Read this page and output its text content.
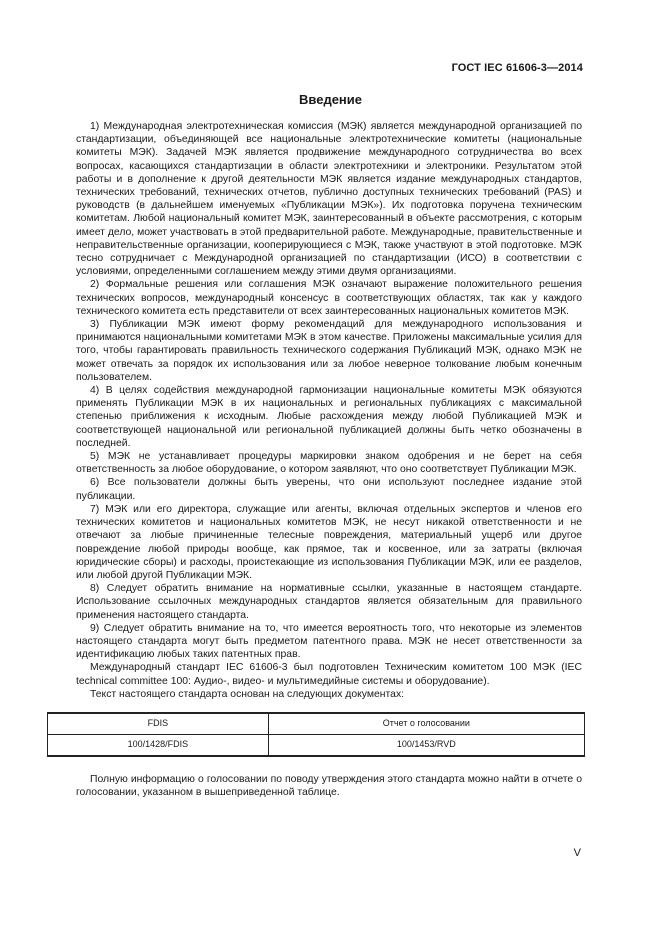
ГОСТ IEC 61606-3—2014
Введение

1) Международная электротехническая комиссия (МЭК) является международной организацией по стандартизации, объединяющей все национальные электротехнические комитеты (национальные комитеты МЭК). Задачей МЭК является продвижение международного сотрудничества во всех вопросах, касающихся стандартизации в области электротехники и электроники. Результатом этой работы и в дополнение к другой деятельности МЭК является издание международных стандартов, технических требований, технических отчетов, публично доступных технических требований (PAS) и руководств (в дальнейшем именуемых «Публикации МЭК»). Их подготовка поручена техническим комитетам. Любой национальный комитет МЭК, заинтересованный в объекте рассмотрения, с которым имеет дело, может участвовать в этой предварительной работе. Международные, правительственные и неправительственные организации, кооперирующиеся с МЭК, также участвуют в этой подготовке. МЭК тесно сотрудничает с Международной организацией по стандартизации (ИСО) в соответствии с условиями, определенными соглашением между этими двумя организациями.

2) Формальные решения или соглашения МЭК означают выражение положительного решения технических вопросов, международный консенсус в соответствующих областях, так как у каждого технического комитета есть представители от всех заинтересованных национальных комитетов МЭК.

3) Публикации МЭК имеют форму рекомендаций для международного использования и принимаются национальными комитетами МЭК в этом качестве. Приложены максимальные усилия для того, чтобы гарантировать правильность технического содержания Публикаций МЭК, однако МЭК не может отвечать за порядок их использования или за любое неверное толкование любым конечным пользователем.

4) В целях содействия международной гармонизации национальные комитеты МЭК обязуются применять Публикации МЭК в их национальных и региональных публикациях с максимальной степенью приближения к исходным. Любые расхождения между любой Публикацией МЭК и соответствующей национальной или региональной публикацией должны быть четко обозначены в последней.

5) МЭК не устанавливает процедуры маркировки знаком одобрения и не берет на себя ответственность за любое оборудование, о котором заявляют, что оно соответствует Публикации МЭК.

6) Все пользователи должны быть уверены, что они используют последнее издание этой публикации.

7) МЭК или его директора, служащие или агенты, включая отдельных экспертов и членов его технических комитетов и национальных комитетов МЭК, не несут никакой ответственности и не отвечают за любые причиненные телесные повреждения, материальный ущерб или другое повреждение любой природы вообще, как прямое, так и косвенное, или за затраты (включая юридические сборы) и расходы, проистекающие из использования Публикации МЭК, или ее разделов, или любой другой Публикации МЭК.

8) Следует обратить внимание на нормативные ссылки, указанные в настоящем стандарте. Использование ссылочных международных стандартов является обязательным для правильного применения настоящего стандарта.

9) Следует обратить внимание на то, что имеется вероятность того, что некоторые из элементов настоящего стандарта могут быть предметом патентного права. МЭК не несет ответственности за идентификацию любых таких патентных прав.

Международный стандарт IEC 61606-3 был подготовлен Техническим комитетом 100 МЭК (IEC technical committee 100: Аудио-, видео- и мультимедийные системы и оборудование).

Текст настоящего стандарта основан на следующих документах:

FDIS	Отчет о голосовании
100/1428/FDIS	100/1453/RVD

Полную информацию о голосовании по поводу утверждения этого стандарта можно найти в отчете о голосовании, указанном в вышеприведенной таблице.

V
